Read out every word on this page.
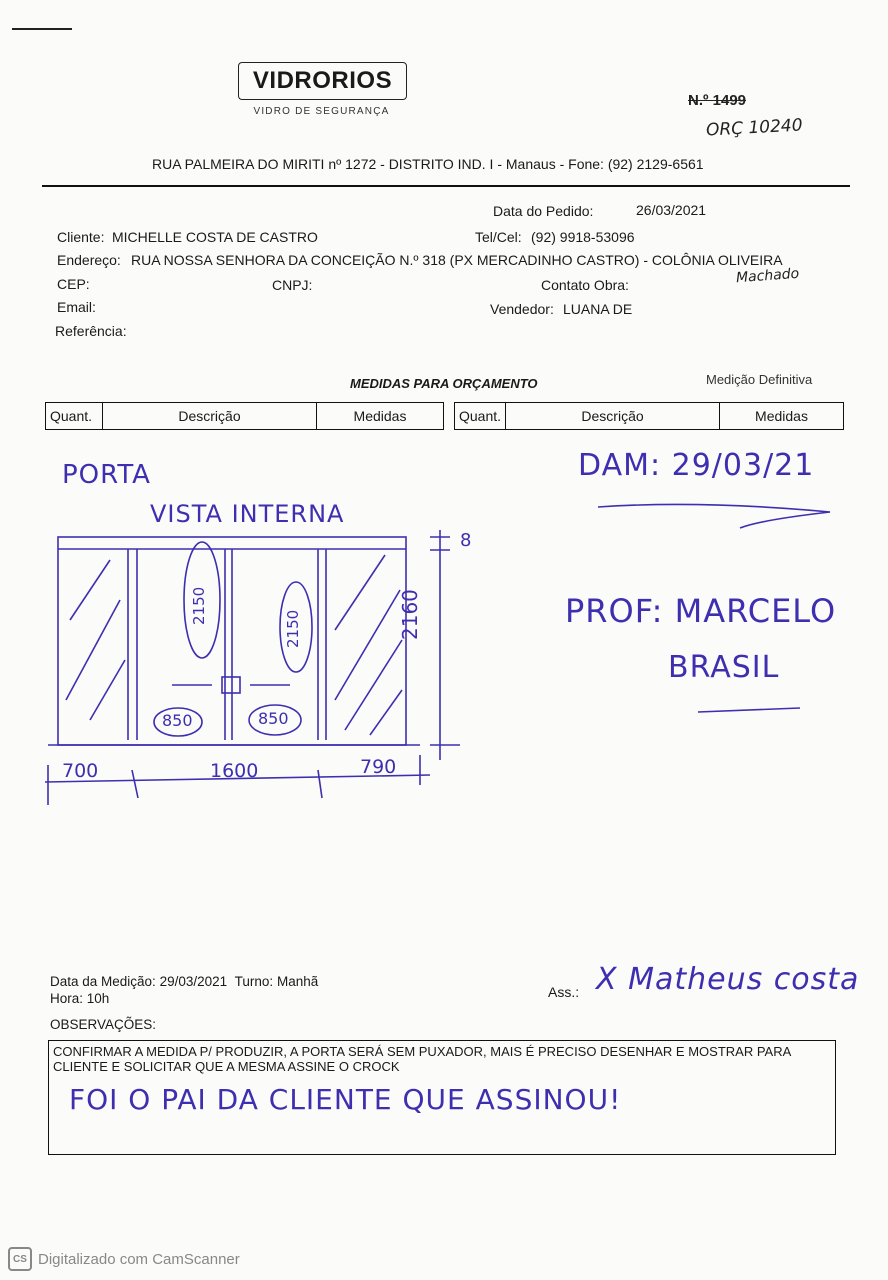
VIDRORIOS
VIDRO DE SEGURANÇA
N.º 1499
ORÇ 10240
RUA PALMEIRA DO MIRITI nº 1272 - DISTRITO IND. I - Manaus - Fone: (92) 2129-6561
Data do Pedido:	26/03/2021
Cliente: MICHELLE COSTA DE CASTRO	Tel/Cel: (92) 9918-53096
Endereço: RUA NOSSA SENHORA DA CONCEIÇÃO N.º 318 (PX MERCADINHO CASTRO) - COLÔNIA OLIVEIRA
Machado
CEP:	CNPJ:	Contato Obra:
Email:	Vendedor: LUANA DE
Referência:
MEDIDAS PARA ORÇAMENTO	Medição Definitiva
Quant.	Descrição	Medidas	Quant.	Descrição	Medidas
PORTA
VISTA INTERNA
8
2160
2150
2150
850	850
700	1600	790
DAM: 29/03/21
PROF: MARCELO
BRASIL
Data da Medição: 29/03/2021 Turno: Manhã
Hora: 10h	Ass.: X Matheus costa
OBSERVAÇÕES:
CONFIRMAR A MEDIDA P/ PRODUZIR, A PORTA SERÁ SEM PUXADOR, MAIS É PRECISO DESENHAR E MOSTRAR PARA CLIENTE E SOLICITAR QUE A MESMA ASSINE O CROCK
FOI O PAI DA CLIENTE QUE ASSINOU!
CS Digitalizado com CamScanner
